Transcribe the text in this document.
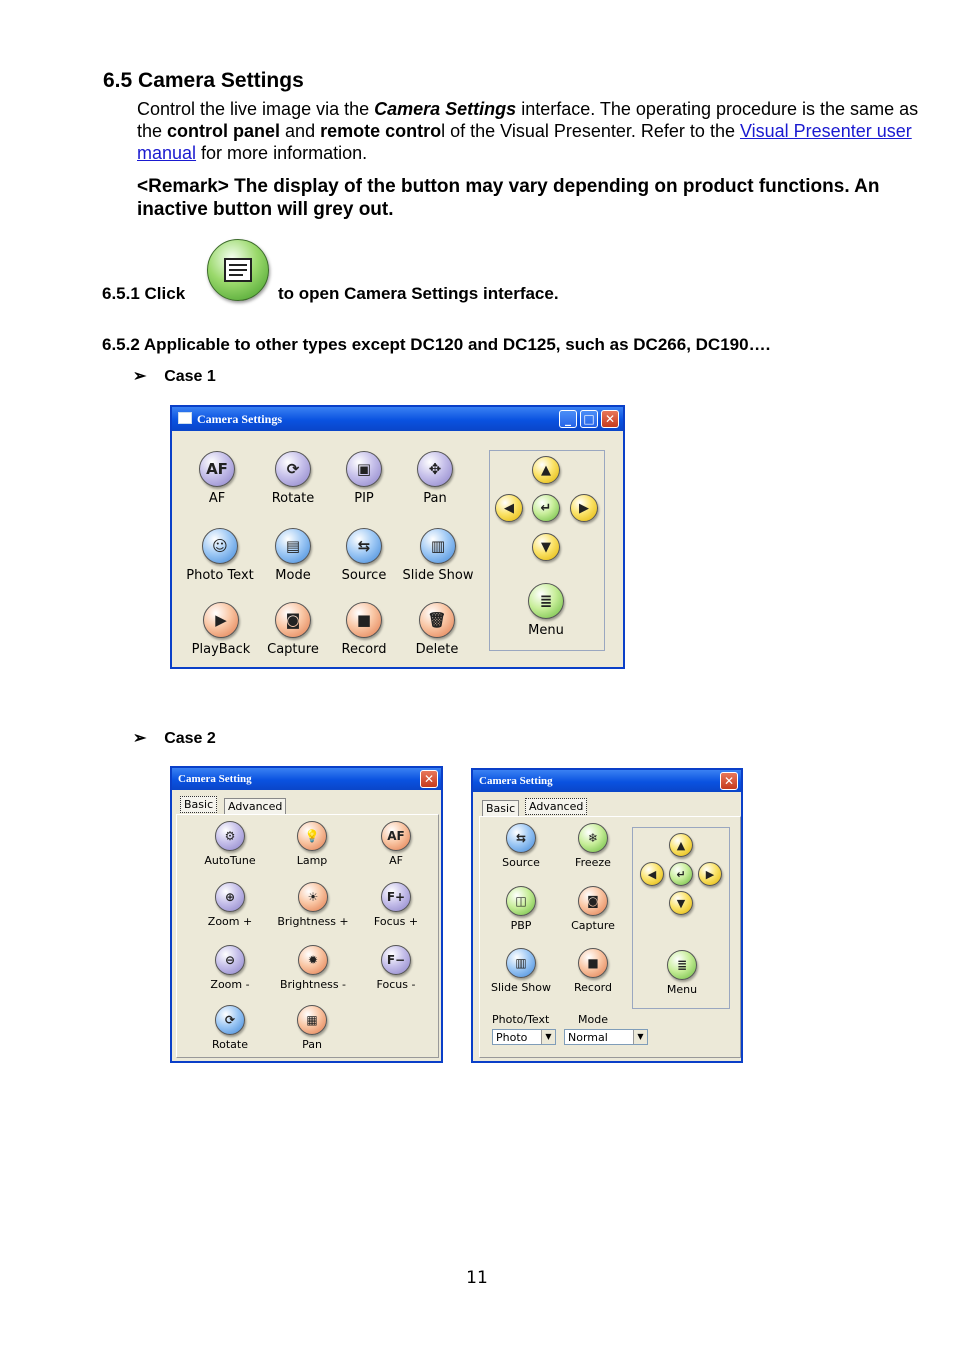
6.5 Camera Settings
Control the live image via the Camera Settings interface. The operating procedure is the same as the control panel and remote control of the Visual Presenter. Refer to the Visual Presenter user manual for more information.
<Remark> The display of the button may vary depending on product functions. An inactive button will grey out.
6.5.1 Click	to open Camera Settings interface.
6.5.2 Applicable to other types except DC120 and DC125, such as DC266, DC190….
➢    Case 1
Camera Settings	_	□ ✕
AF
AF
⟳
Rotate
▣
PIP
✥
Pan
☺
Photo Text
▤
Mode
⇆
Source
▥
Slide Show
▶
PlayBack
◙
Capture
■
Record
🗑
Delete
▲
◀	↵	▶
▼
≣
Menu
➢    Case 2
Camera Setting	✕
Basic	Advanced
⚙
AutoTune
💡
Lamp
AF
AF
⊕
Zoom +
☀
Brightness +
F+
Focus +
⊖
Zoom -
✹
Brightness -
F−
Focus -
⟳
Rotate
▦
Pan
Camera Setting	✕
Basic	Advanced
⇆
Source
❄
Freeze
◫
PBP
◙
Capture
▥
Slide Show
■
Record
Photo/Text	Mode
Photo	▼	Normal	▼
▲
◀	↵	▶
▼
≣
Menu
11
